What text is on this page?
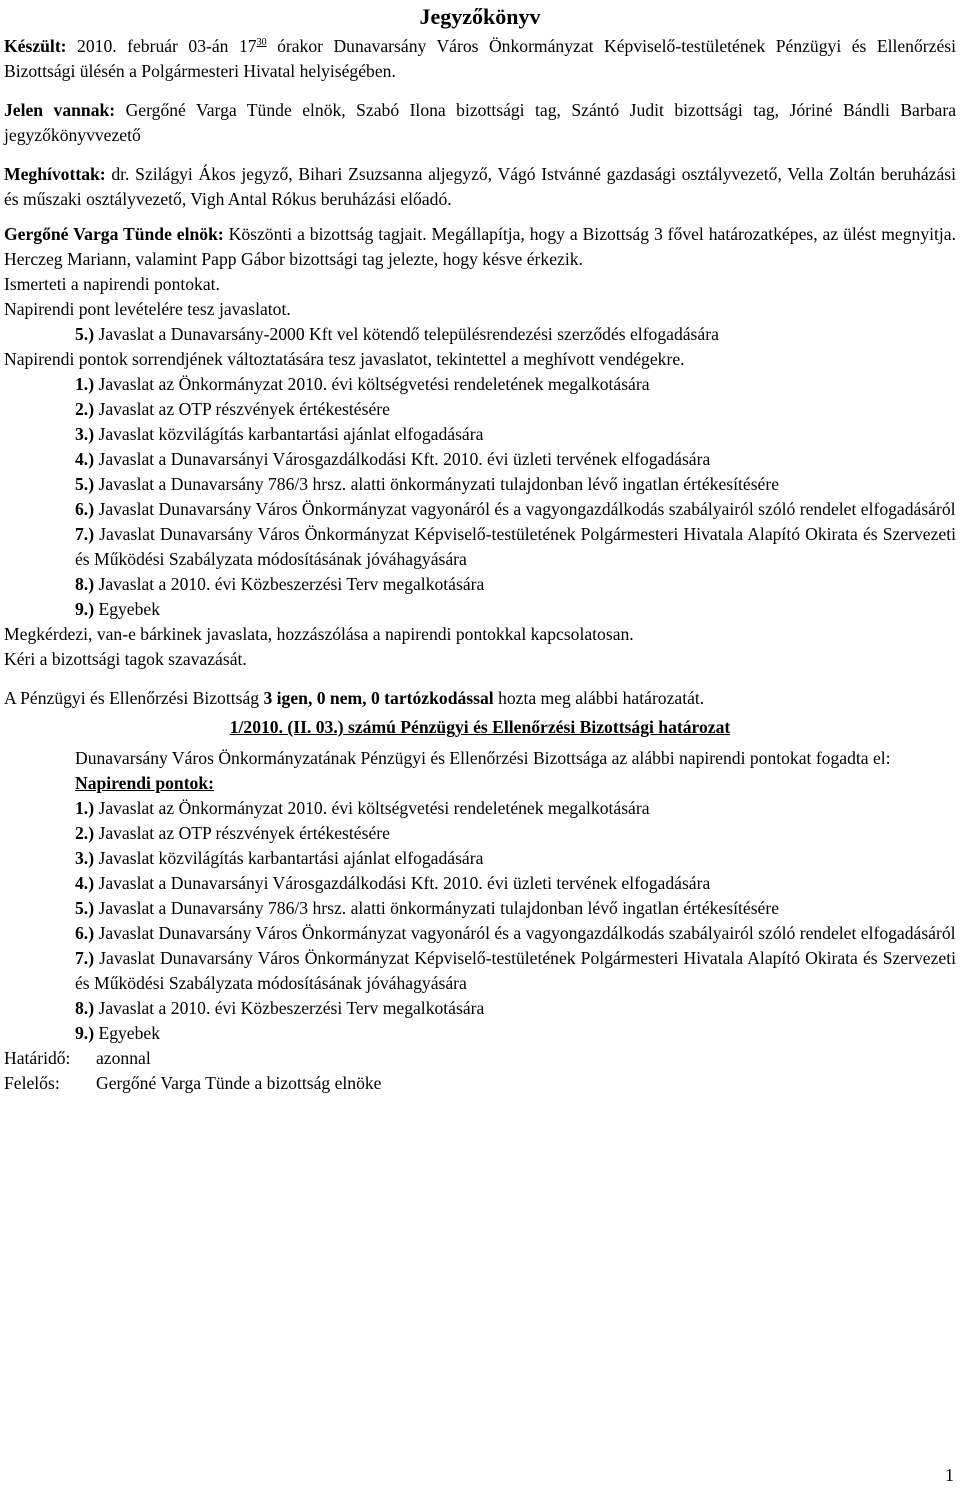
Jegyzőkönyv

Készült: 2010. február 03-án $17^{30}$ órakor Dunavarsány Város Önkormányzat Képviselő-testületének Pénzügyi és Ellenőrzési Bizottsági ülésén a Polgármesteri Hivatal helyiségében.

Jelen vannak: Gergőné Varga Tünde elnök, Szabó Ilona bizottsági tag, Szántó Judit bizottsági tag, Jóriné Bándli Barbara jegyzőkönyvvezető

Meghívottak: dr. Szilágyi Ákos jegyző, Bihari Zsuzsanna aljegyző, Vágó Istvánné gazdasági osztályvezető, Vella Zoltán beruházási és műszaki osztályvezető, Vigh Antal Rókus beruházási előadó.

Gergőné Varga Tünde elnök: Köszönti a bizottság tagjait. Megállapítja, hogy a Bizottság 3 fővel határozatképes, az ülést megnyitja. Herczeg Mariann, valamint Papp Gábor bizottsági tag jelezte, hogy késve érkezik.

Ismerteti a napirendi pontokat.

Napirendi pont levételére tesz javaslatot.

5.) Javaslat a Dunavarsány-2000 Kft vel kötendő településrendezési szerződés elfogadására

Napirendi pontok sorrendjének változtatására tesz javaslatot, tekintettel a meghívott vendégekre.

1.) Javaslat az Önkormányzat 2010. évi költségvetési rendeletének megalkotására

2.) Javaslat az OTP részvények értékestésére

3.) Javaslat közvilágítás karbantartási ajánlat elfogadására

4.) Javaslat a Dunavarsányi Városgazdálkodási Kft. 2010. évi üzleti tervének elfogadására

5.) Javaslat a Dunavarsány 786/3 hrsz. alatti önkormányzati tulajdonban lévő ingatlan értékesítésére

6.) Javaslat Dunavarsány Város Önkormányzat vagyonáról és a vagyongazdálkodás szabályairól szóló rendelet elfogadásáról

7.) Javaslat Dunavarsány Város Önkormányzat Képviselő-testületének Polgármesteri Hivatala Alapító Okirata és Szervezeti és Működési Szabályzata módosításának jóváhagyására

8.) Javaslat a 2010. évi Közbeszerzési Terv megalkotására

9.) Egyebek

Megkérdezi, van-e bárkinek javaslata, hozzászólása a napirendi pontokkal kapcsolatosan.

Kéri a bizottsági tagok szavazását.

A Pénzügyi és Ellenőrzési Bizottság 3 igen, 0 nem, 0 tartózkodással hozta meg alábbi határozatát.

1/2010. (II. 03.) számú Pénzügyi és Ellenőrzési Bizottsági határozat

Dunavarsány Város Önkormányzatának Pénzügyi és Ellenőrzési Bizottsága az alábbi napirendi pontokat fogadta el:

Napirendi pontok:

1.) Javaslat az Önkormányzat 2010. évi költségvetési rendeletének megalkotására

2.) Javaslat az OTP részvények értékestésére

3.) Javaslat közvilágítás karbantartási ajánlat elfogadására

4.) Javaslat a Dunavarsányi Városgazdálkodási Kft. 2010. évi üzleti tervének elfogadására

5.) Javaslat a Dunavarsány 786/3 hrsz. alatti önkormányzati tulajdonban lévő ingatlan értékesítésére

6.) Javaslat Dunavarsány Város Önkormányzat vagyonáról és a vagyongazdálkodás szabályairól szóló rendelet elfogadásáról

7.) Javaslat Dunavarsány Város Önkormányzat Képviselő-testületének Polgármesteri Hivatala Alapító Okirata és Szervezeti és Működési Szabályzata módosításának jóváhagyására

8.) Javaslat a 2010. évi Közbeszerzési Terv megalkotására

9.) Egyebek

Határidő: azonnal

Felelős: Gergőné Varga Tünde a bizottság elnöke

1
